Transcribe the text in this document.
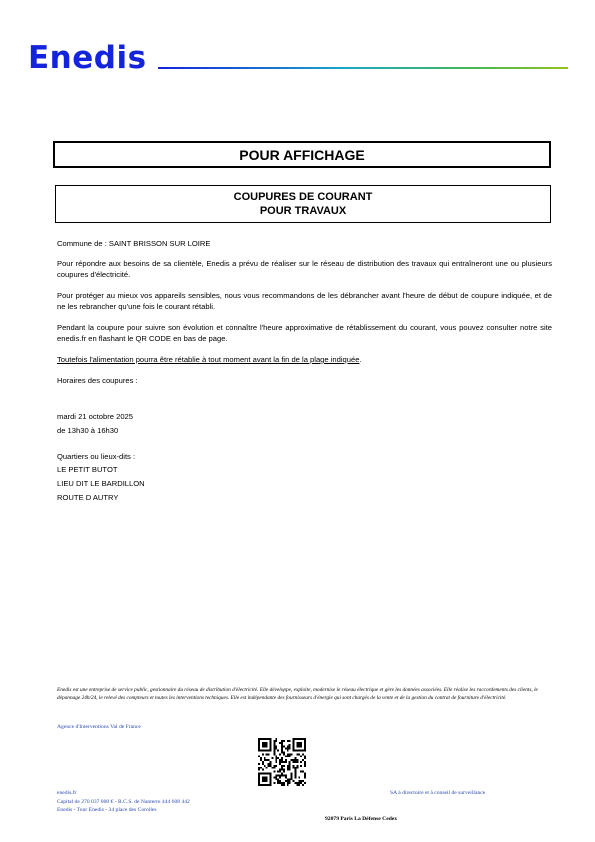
Enedis
POUR AFFICHAGE
COUPURES DE COURANT
POUR TRAVAUX
Commune de : SAINT BRISSON SUR LOIRE
Pour répondre aux besoins de sa clientèle, Enedis a prévu de réaliser sur le réseau de distribution des travaux qui entraîneront une ou plusieurs coupures d'électricité.
Pour protéger au mieux vos appareils sensibles, nous vous recommandons de les débrancher avant l'heure de début de coupure indiquée, et de ne les rebrancher qu'une fois le courant rétabli.
Pendant la coupure pour suivre son évolution et connaître l'heure approximative de rétablissement du courant, vous pouvez consulter notre site enedis.fr en flashant le QR CODE en bas de page.
Toutefois l'alimentation pourra être rétablie à tout moment avant la fin de la plage indiquée.
Horaires des coupures :
mardi 21 octobre 2025
de 13h30 à 16h30
Quartiers ou lieux-dits :
LE PETIT BUTOT
LIEU DIT LE BARDILLON
ROUTE D AUTRY
Enedis est une entreprise de service public, gestionnaire du réseau de distribution d'électricité. Elle développe, exploite, modernise le réseau électrique et gère les données associées. Elle réalise les raccordements des clients, le dépannage 24h/24, le relevé des compteurs et toutes les interventions techniques. Elle est indépendante des fournisseurs d'énergie qui sont chargés de la vente et de la gestion du contrat de fourniture d'électricité.
Agence d'Interventions Val de France
enedis.fr
Capital de 270 037 000 € - R.C.S. de Nanterre 444 608 442
Enedis - Tour Enedis - 34 place des Corolles
SA à directoire et à conseil de surveillance
92079 Paris La Défense Cedex
